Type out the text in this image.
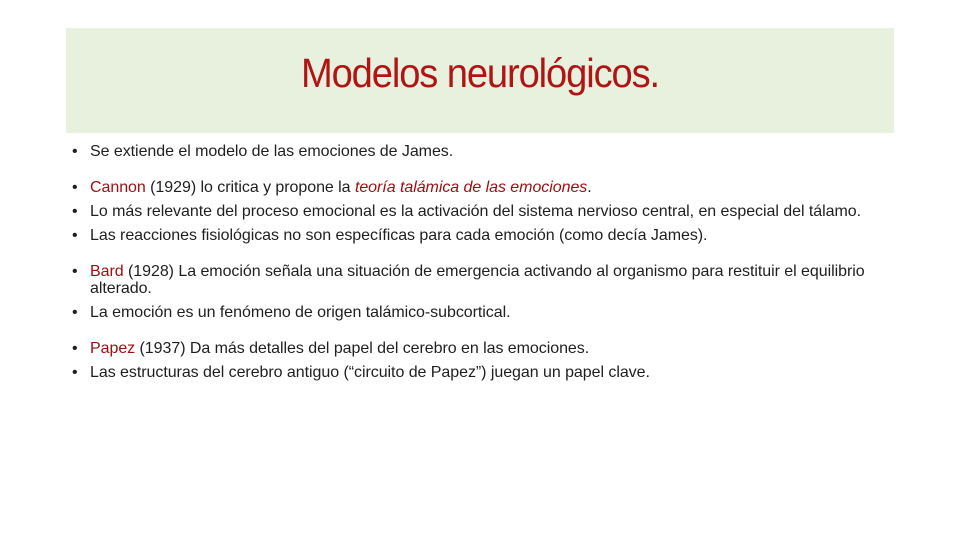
Modelos neurológicos.
• Se extiende el modelo de las emociones de James.
• Cannon (1929) lo critica y propone la teoría talámica de las emociones.
• Lo más relevante del proceso emocional es la activación del sistema nervioso central, en especial del tálamo.
• Las reacciones fisiológicas no son específicas para cada emoción (como decía James).
• Bard (1928) La emoción señala una situación de emergencia activando al organismo para restituir el equilibrio alterado.
• La emoción es un fenómeno de origen talámico-subcortical.
• Papez (1937) Da más detalles del papel del cerebro en las emociones.
• Las estructuras del cerebro antiguo (“circuito de Papez”) juegan un papel clave.
